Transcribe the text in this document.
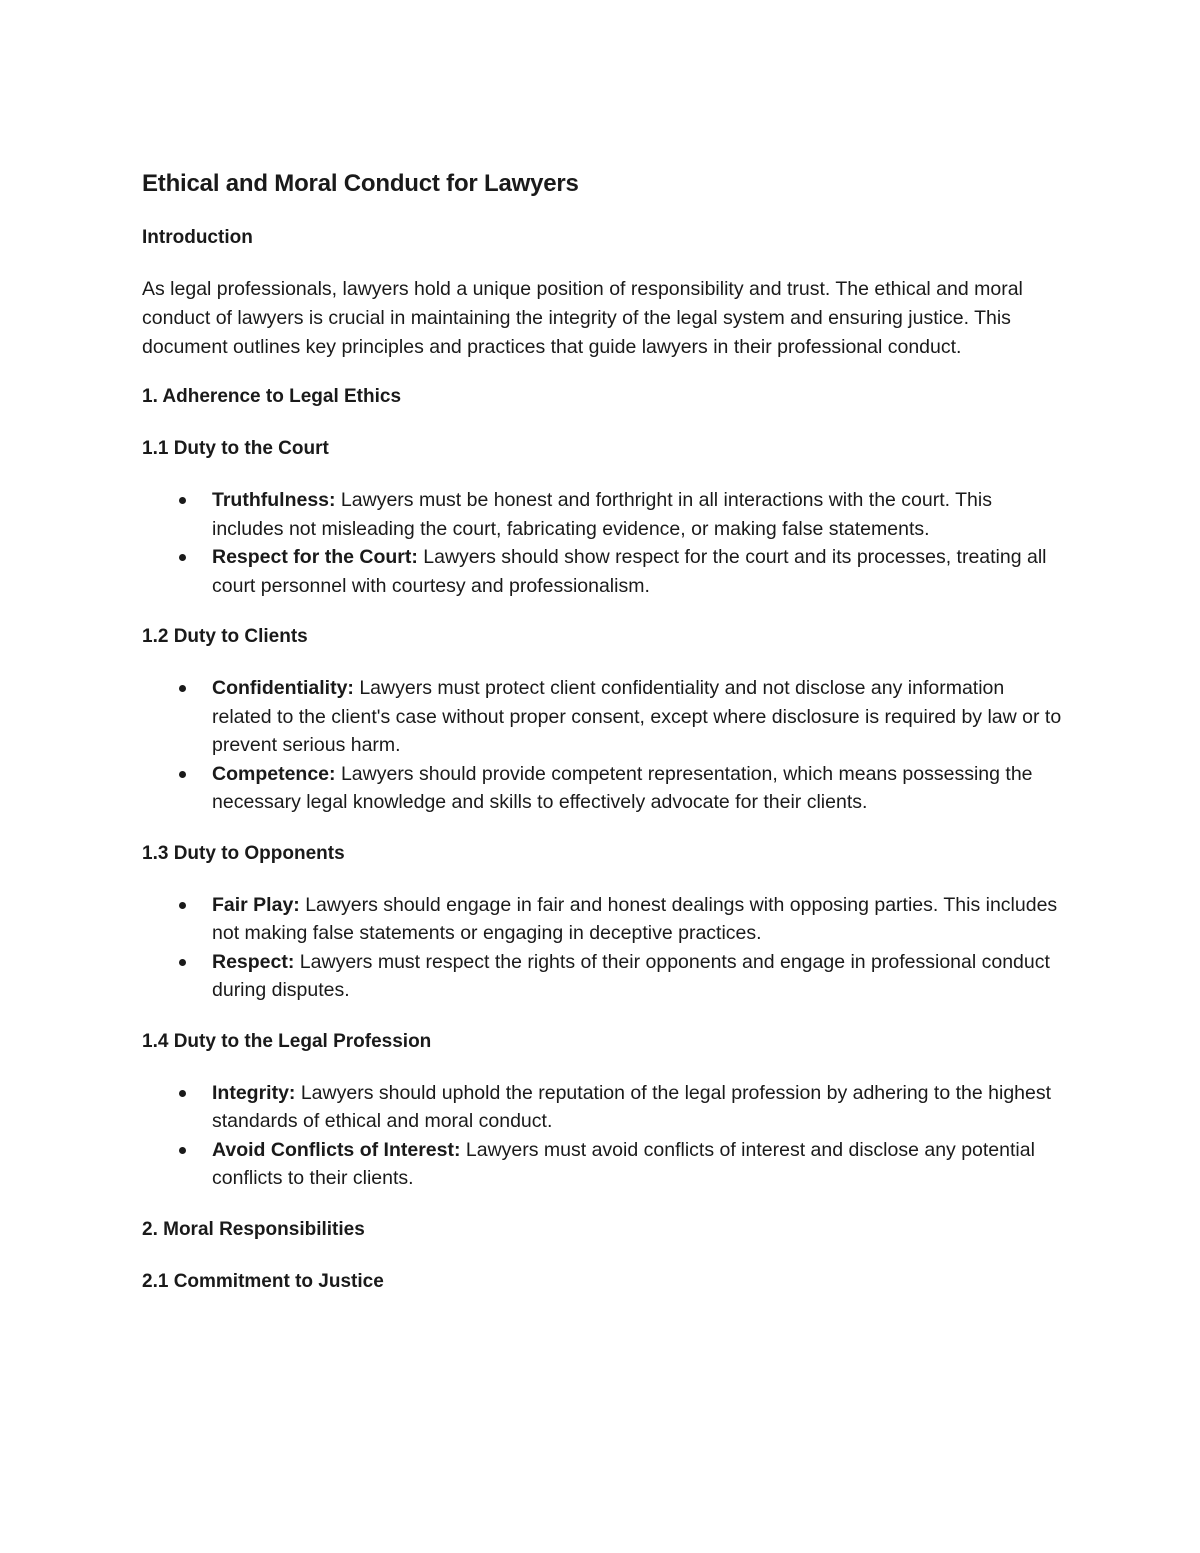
Ethical and Moral Conduct for Lawyers
Introduction

As legal professionals, lawyers hold a unique position of responsibility and trust. The ethical and moral conduct of lawyers is crucial in maintaining the integrity of the legal system and ensuring justice. This document outlines key principles and practices that guide lawyers in their professional conduct.

1. Adherence to Legal Ethics
1.1 Duty to the Court
Truthfulness: Lawyers must be honest and forthright in all interactions with the court. This includes not misleading the court, fabricating evidence, or making false statements.
Respect for the Court: Lawyers should show respect for the court and its processes, treating all court personnel with courtesy and professionalism.
1.2 Duty to Clients
Confidentiality: Lawyers must protect client confidentiality and not disclose any information related to the client's case without proper consent, except where disclosure is required by law or to prevent serious harm.
Competence: Lawyers should provide competent representation, which means possessing the necessary legal knowledge and skills to effectively advocate for their clients.
1.3 Duty to Opponents
Fair Play: Lawyers should engage in fair and honest dealings with opposing parties. This includes not making false statements or engaging in deceptive practices.
Respect: Lawyers must respect the rights of their opponents and engage in professional conduct during disputes.
1.4 Duty to the Legal Profession
Integrity: Lawyers should uphold the reputation of the legal profession by adhering to the highest standards of ethical and moral conduct.
Avoid Conflicts of Interest: Lawyers must avoid conflicts of interest and disclose any potential conflicts to their clients.
2. Moral Responsibilities
2.1 Commitment to Justice
